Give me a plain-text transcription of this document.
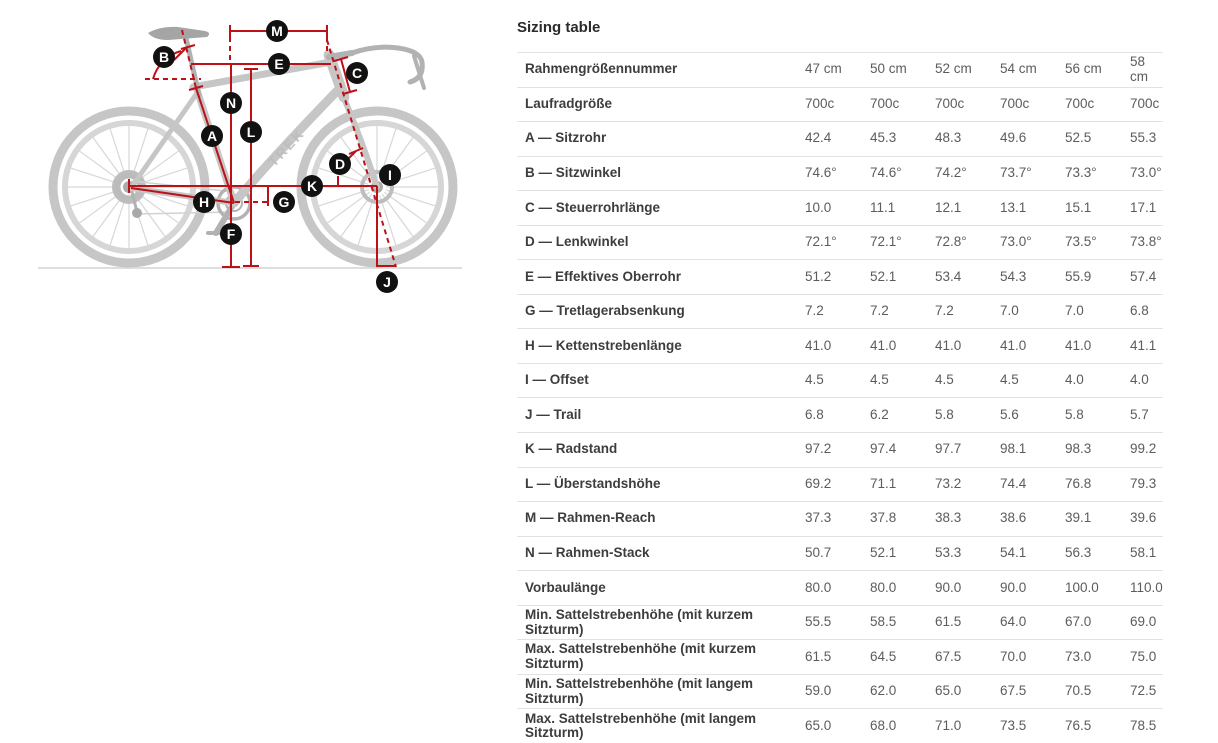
TREK
M
B	E
C
N
A L
D
I
K
H	G
F
J
Sizing table
Rahmengrößennummer	47 cm	50 cm	52 cm	54 cm	56 cm	58 cm
Laufradgröße	700c	700c	700c	700c	700c	700c
A — Sitzrohr	42.4	45.3	48.3	49.6	52.5	55.3
B — Sitzwinkel	74.6°	74.6°	74.2°	73.7°	73.3°	73.0°
C — Steuerrohrlänge	10.0	11.1	12.1	13.1	15.1	17.1
D — Lenkwinkel	72.1°	72.1°	72.8°	73.0°	73.5°	73.8°
E — Effektives Oberrohr	51.2	52.1	53.4	54.3	55.9	57.4
G — Tretlagerabsenkung	7.2	7.2	7.2	7.0	7.0	6.8
H — Kettenstrebenlänge	41.0	41.0	41.0	41.0	41.0	41.1
I — Offset	4.5	4.5	4.5	4.5	4.0	4.0
J — Trail	6.8	6.2	5.8	5.6	5.8	5.7
K — Radstand	97.2	97.4	97.7	98.1	98.3	99.2
L — Überstandshöhe	69.2	71.1	73.2	74.4	76.8	79.3
M — Rahmen-Reach	37.3	37.8	38.3	38.6	39.1	39.6
N — Rahmen-Stack	50.7	52.1	53.3	54.1	56.3	58.1
Vorbaulänge	80.0	80.0	90.0	90.0	100.0	110.0
Min. Sattelstrebenhöhe (mit kurzem Sitzturm)	55.5	58.5	61.5	64.0	67.0	69.0
Max. Sattelstrebenhöhe (mit kurzem Sitzturm)	61.5	64.5	67.5	70.0	73.0	75.0
Min. Sattelstrebenhöhe (mit langem Sitzturm)	59.0	62.0	65.0	67.5	70.5	72.5
Max. Sattelstrebenhöhe (mit langem Sitzturm)	65.0	68.0	71.0	73.5	76.5	78.5
